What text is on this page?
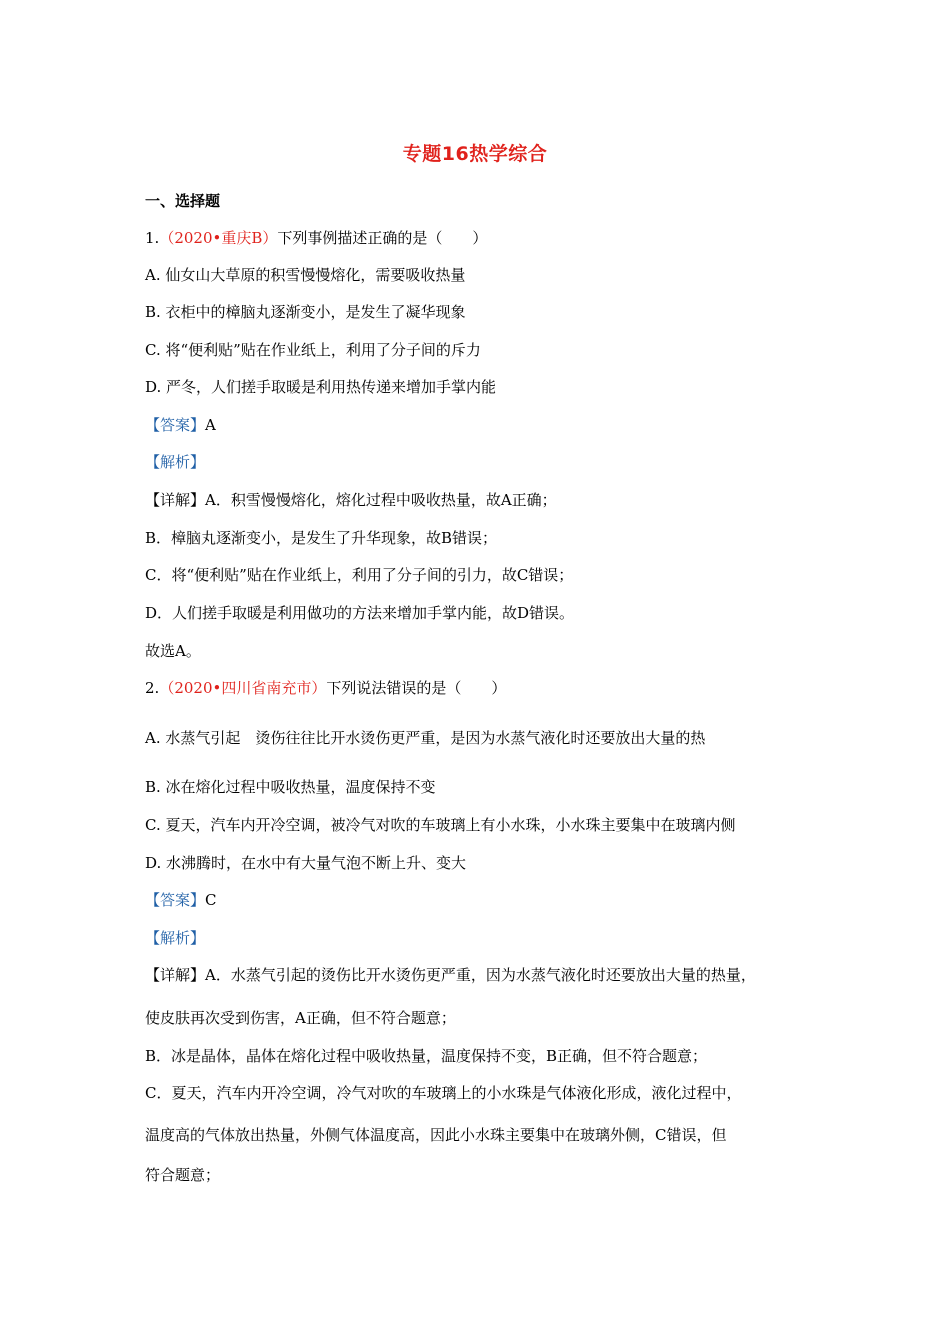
专题16热学综合
一、选择题
1.（2020•重庆B）下列事例描述正确的是（　　）
A. 仙女山大草原的积雪慢慢熔化，需要吸收热量
B. 衣柜中的樟脑丸逐渐变小，是发生了凝华现象
C. 将“便利贴”贴在作业纸上，利用了分子间的斥力
D. 严冬，人们搓手取暖是利用热传递来增加手掌内能
【答案】A
【解析】
【详解】A．积雪慢慢熔化，熔化过程中吸收热量，故A正确；
B．樟脑丸逐渐变小，是发生了升华现象，故B错误；
C．将“便利贴”贴在作业纸上，利用了分子间的引力，故C错误；
D．人们搓手取暖是利用做功的方法来增加手掌内能，故D错误。
故选A。
2.（2020•四川省南充市）下列说法错误的是（　　）
A. 水蒸气引起　烫伤往往比开水烫伤更严重，是因为水蒸气液化时还要放出大量的热
B. 冰在熔化过程中吸收热量，温度保持不变
C. 夏天，汽车内开冷空调，被冷气对吹的车玻璃上有小水珠，小水珠主要集中在玻璃内侧
D. 水沸腾时，在水中有大量气泡不断上升、变大
【答案】C
【解析】
【详解】A．水蒸气引起的烫伤比开水烫伤更严重，因为水蒸气液化时还要放出大量的热量，
使皮肤再次受到伤害，A正确，但不符合题意；
B．冰是晶体，晶体在熔化过程中吸收热量，温度保持不变，B正确，但不符合题意；
C．夏天，汽车内开冷空调，冷气对吹的车玻璃上的小水珠是气体液化形成，液化过程中，
温度高的气体放出热量，外侧气体温度高，因此小水珠主要集中在玻璃外侧，C错误，但
符合题意；
